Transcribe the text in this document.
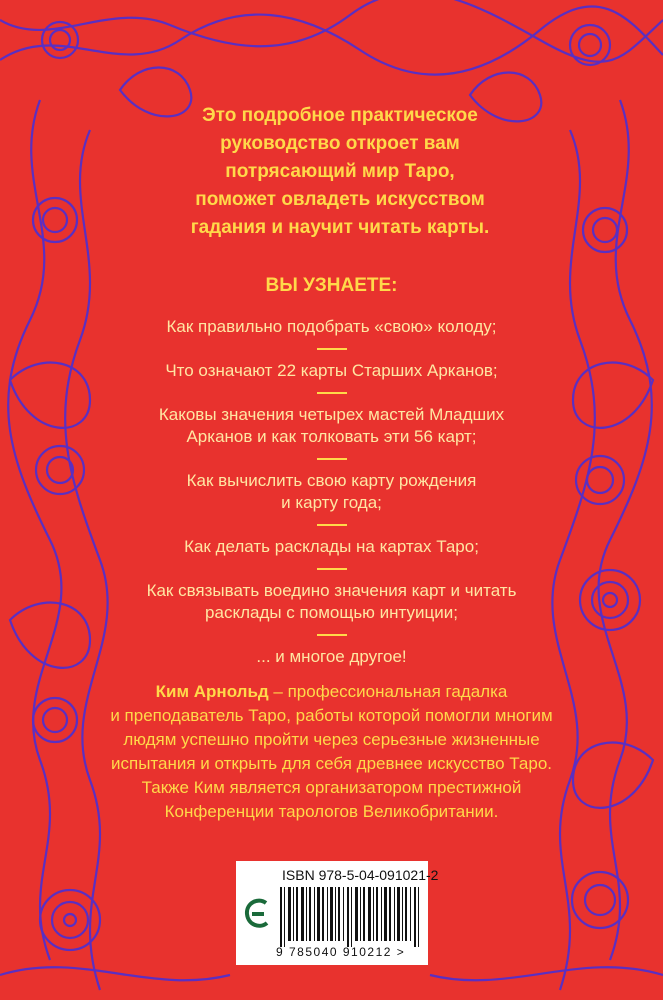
Это подробное практическое
руководство откроет вам
потрясающий мир Таро,
поможет овладеть искусством
гадания и научит читать карты.
ВЫ УЗНАЕТЕ:
Как правильно подобрать «свою» колоду;
Что означают 22 карты Старших Арканов;
Каковы значения четырех мастей Младших
Арканов и как толковать эти 56 карт;
Как вычислить свою карту рождения
и карту года;
Как делать расклады на картах Таро;
Как связывать воедино значения карт и читать
расклады с помощью интуиции;
... и многое другое!
Ким Арнольд – профессиональная гадалка
и преподаватель Таро, работы которой помогли многим
людям успешно пройти через серьезные жизненные
испытания и открыть для себя древнее искусство Таро.
Также Ким является организатором престижной
Конференции тарологов Великобритании.
ISBN 978-5-04-091021-2
9 785040 910212 >
